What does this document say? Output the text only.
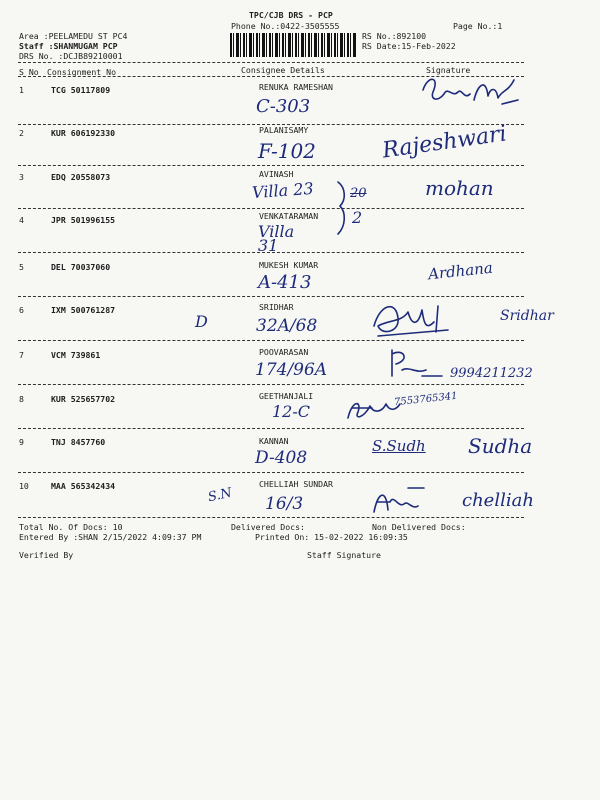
TPC/CJB DRS - PCP
Phone No.:0422-3505555	Page No.:1
Area :PEELAMEDU ST PC4
Staff :SHANMUGAM PCP
DRS No. :DCJB89210001
RS No.:892100
RS Date:15-Feb-2022
S No Consignment No	Consignee Details	Signature
1	TCG 50117809	RENUKA RAMESHAN
C-303
2	KUR 606192330	PALANISAMY
F-102	Rajeshwari
3	EDQ 20558073	AVINASH
Villa 23	20	mohan
4	JPR 501996155	VENKATARAMAN
Villa 31
2
5	DEL 70037060	MUKESH KUMAR
A-413	Ardhana
6	IXM 500761287	SRIDHAR
D	32A/68	Sridhar
7	VCM 739861	POOVARASAN
174/96A	9994211232
8	KUR 525657702	GEETHANJALI
12-C
7553765341
9	TNJ 8457760	KANNAN
D-408
S.Sudh Sudha
10	MAA 565342434	CHELLIAH SUNDAR
S.N 16/3	chelliah
Total No. Of Docs: 10	Delivered Docs:	Non Delivered Docs:
Entered By :SHAN 2/15/2022 4:09:37 PM	Printed On: 15-02-2022 16:09:35
Verified By	Staff Signature
